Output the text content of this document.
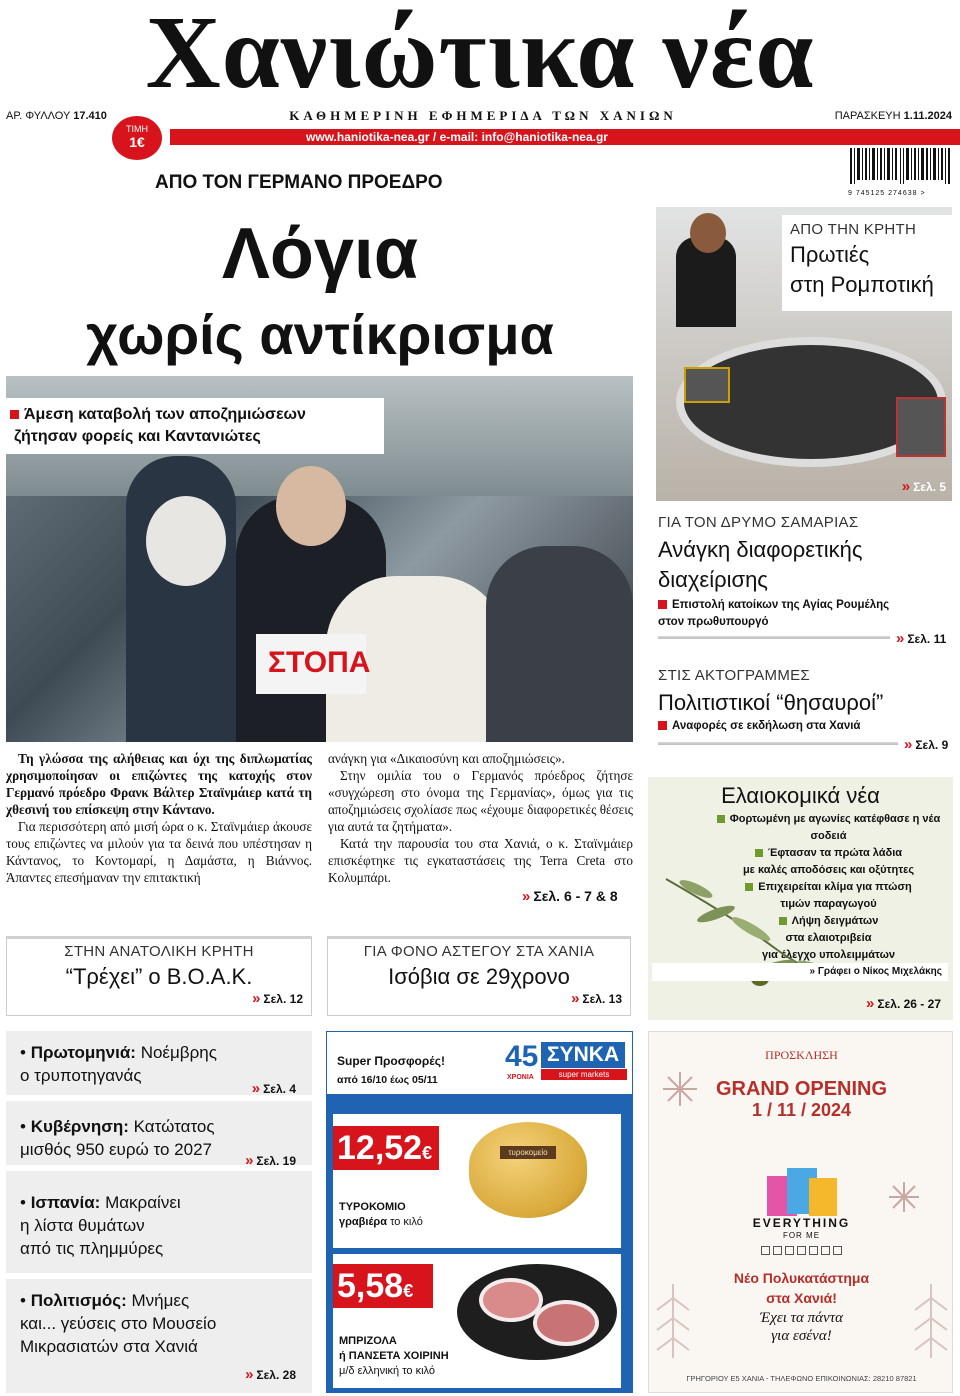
Χανιώτικα νέα
ΑΡ. ΦΥΛΛΟΥ 17.410	ΚΑΘΗΜΕΡΙΝΗ ΕΦΗΜΕΡΙΔΑ ΤΩΝ ΧΑΝΙΩΝ	ΠΑΡΑΣΚΕΥΗ 1.11.2024
ΤΙΜΗ
1€	www.haniotika-nea.gr / e-mail: info@haniotika-nea.gr
9 745125 274638 >
ΑΠΟ ΤΟΝ ΓΕΡΜΑΝΟ ΠΡΟΕΔΡΟ
Λόγια
χωρίς αντίκρισμα
ΣΤΟΠΑ
Άμεση καταβολή των αποζημιώσεων
ζήτησαν φορείς και Καντανιώτες

Τη γλώσσα της αλήθειας και όχι της διπλωματίας χρησιμοποίησαν οι επιζώντες της κατοχής στον Γερμανό πρόεδρο Φρανκ Βάλτερ Σταϊνμάιερ κατά τη χθεσινή του επίσκεψη στην Κάντανο.

Για περισσότερη από μισή ώρα ο κ. Σταϊνμάιερ άκουσε τους επιζώντες να μιλούν για τα δεινά που υπέστησαν η Κάντανος, το Κοντομαρί, η Δαμάστα, η Βιάννος. Άπαντες επεσήμαναν την επιτακτική

ανάγκη για «Δικαιοσύνη και αποζημιώσεις».

Στην ομιλία του ο Γερμανός πρόεδρος ζήτησε «συγχώρεση στο όνομα της Γερμανίας», όμως για τις αποζημιώσεις σχολίασε πως «έχουμε διαφορετικές θέσεις για αυτά τα ζητήματα».

Κατά την παρουσία του στα Χανιά, ο κ. Σταϊνμάιερ επισκέφτηκε τις εγκαταστάσεις της Terra Creta στο Κολυμπάρι.

» Σελ. 6 - 7 & 8
ΑΠΟ ΤΗΝ ΚΡΗΤΗ
Πρωτιές
στη Ρομποτική
» Σελ. 5
ΓΙΑ ΤΟΝ ΔΡΥΜΟ ΣΑΜΑΡΙΑΣ
Ανάγκη διαφορετικής
διαχείρισης
Επιστολή κατοίκων της Αγίας Ρουμέλης
στον πρωθυπουργό
» Σελ. 11
ΣΤΙΣ ΑΚΤΟΓΡΑΜΜΕΣ
Πολιτιστικοί “θησαυροί”
Αναφορές σε εκδήλωση στα Χανιά
» Σελ. 9
Ελαιοκομικά νέα
Φορτωμένη με αγωνίες κατέφθασε η νέα σοδειά
Έφτασαν τα πρώτα λάδια
με καλές αποδόσεις και οξύτητες
Επιχειρείται κλίμα για πτώση
τιμών παραγωγού
Λήψη δειγμάτων
στα ελαιοτριβεία
για έλεγχο υπολειμμάτων
» Γράφει ο Νίκος Μιχελάκης
» Σελ. 26 - 27
ΣΤΗΝ ΑΝΑΤΟΛΙΚΗ ΚΡΗΤΗ
“Τρέχει” ο Β.Ο.Α.Κ.
» Σελ. 12
ΓΙΑ ΦΟΝΟ ΑΣΤΕΓΟΥ ΣΤΑ ΧΑΝΙΑ
Ισόβια σε 29χρονο
» Σελ. 13
• Πρωτομηνιά: Νοέμβρης
ο τρυποτηγανάς
» Σελ. 4
• Κυβέρνηση: Κατώτατος
μισθός 950 ευρώ το 2027
» Σελ. 19
• Ισπανία: Μακραίνει
η λίστα θυμάτων
από τις πλημμύρες
• Πολιτισμός: Μνήμες
και... γεύσεις στο Μουσείο
Μικρασιατών στα Χανιά
» Σελ. 28
Super Προσφορές!
από 16/10 έως 05/11
45
ΧΡΟΝΙΑ
ΣΥΝΚΑ
super markets
12,52€	τυροκομείο
ΤΥΡΟΚΟΜΙΟ
γραβιέρα το κιλό
5,58€
ΜΠΡΙΖΟΛΑ
ή ΠΑΝΣΕΤΑ ΧΟΙΡΙΝΗ
μ/δ ελληνική το κιλό
ΠΡΟΣΚΛΗΣΗ
GRAND OPENING
1 / 11 / 2024
EVERYTHING
FOR ME
Νέο Πολυκατάστημα
στα Χανιά!
Έχει τα πάντα
για εσένα!
ΓΡΗΓΟΡΙΟΥ Ε5 ΧΑΝΙΑ - ΤΗΛΕΦΩΝΟ ΕΠΙΚΟΙΝΩΝΙΑΣ: 28210 87821
